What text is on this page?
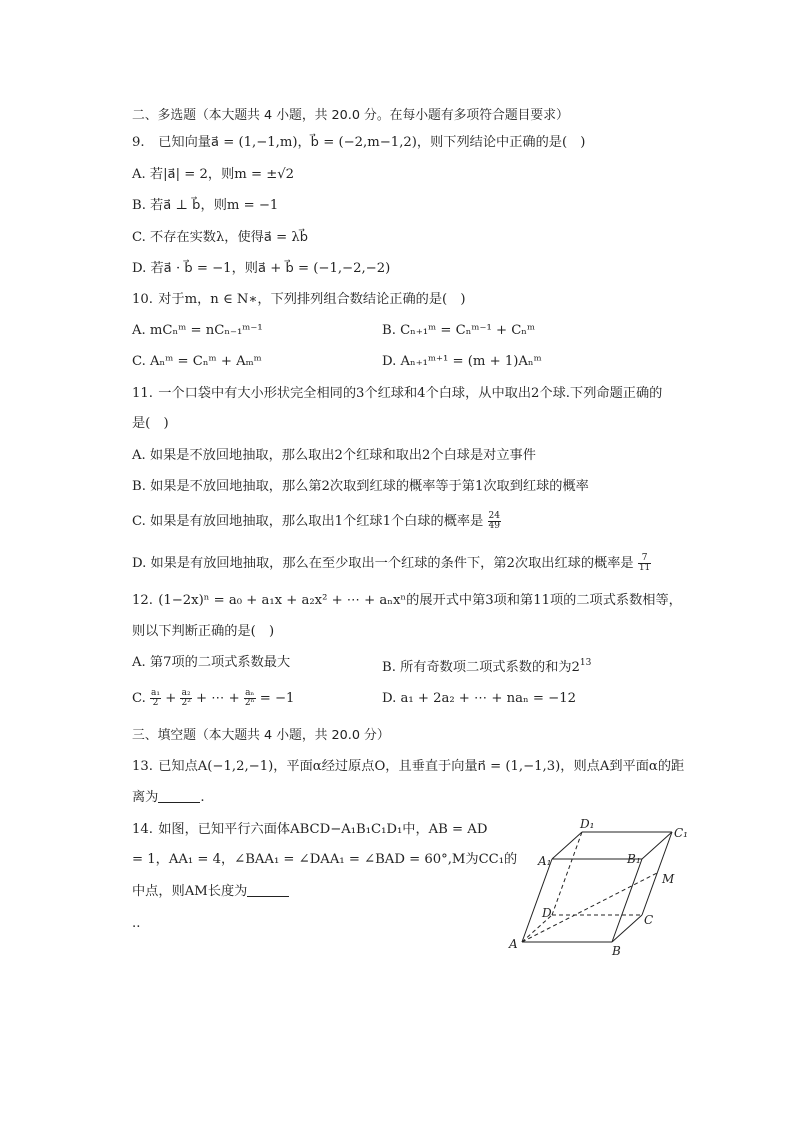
二、多选题（本大题共 4 小题，共 20.0 分。在每小题有多项符合题目要求）
9. 已知向量a⃗ = (1,−1,m)，b⃗ = (−2,m−1,2)，则下列结论中正确的是(　)
A. 若|a⃗| = 2，则m = ±√2
B. 若a⃗ ⊥ b⃗，则m = −1
C. 不存在实数λ，使得a⃗ = λb⃗
D. 若a⃗ · b⃗ = −1，则a⃗ + b⃗ = (−1,−2,−2)
10. 对于m，n ∈ N∗，下列排列组合数结论正确的是(　)
A. mCₙᵐ = nCₙ₋₁ᵐ⁻¹	B. Cₙ₊₁ᵐ = Cₙᵐ⁻¹ + Cₙᵐ
C. Aₙᵐ = Cₙᵐ + Aₘᵐ	D. Aₙ₊₁ᵐ⁺¹ = (m + 1)Aₙᵐ
11. 一个口袋中有大小形状完全相同的3个红球和4个白球，从中取出2个球.下列命题正确的
是(　)
A. 如果是不放回地抽取，那么取出2个红球和取出2个白球是对立事件
B. 如果是不放回地抽取，那么第2次取到红球的概率等于第1次取到红球的概率
C. 如果是有放回地抽取，那么取出1个红球1个白球的概率是 $\frac{24}{49}$
D. 如果是有放回地抽取，那么在至少取出一个红球的条件下，第2次取出红球的概率是 $\frac{7}{11}$
12. (1−2x)ⁿ = a₀ + a₁x + a₂x² + ⋯ + aₙxⁿ的展开式中第3项和第11项的二项式系数相等，
则以下判断正确的是(　)
A. 第7项的二项式系数最大	B. 所有奇数项二项式系数的和为$2^{13}$
C. $\frac{\text{a₁}}{2} + \frac{\text{a₂}}{\text{2²}}$ + ⋯ + $\frac{\text{aₙ}}{\text{2ⁿ}} = -1$	D. a₁ + 2a₂ + ⋯ + naₙ = −12
三、填空题（本大题共 4 小题，共 20.0 分）
13. 已知点A(−1,2,−1)，平面α经过原点O，且垂直于向量n⃗ = (1,−1,3)，则点A到平面α的距
离为	.
14. 如图，已知平行六面体ABCD−A₁B₁C₁D₁中，AB = AD
= 1，AA₁ = 4，∠BAA₁ = ∠DAA₁ = ∠BAD = 60°,M为CC₁的
中点，则AM长度为
..
A	B
C
D
A₁	B₁
C₁
D₁
M
